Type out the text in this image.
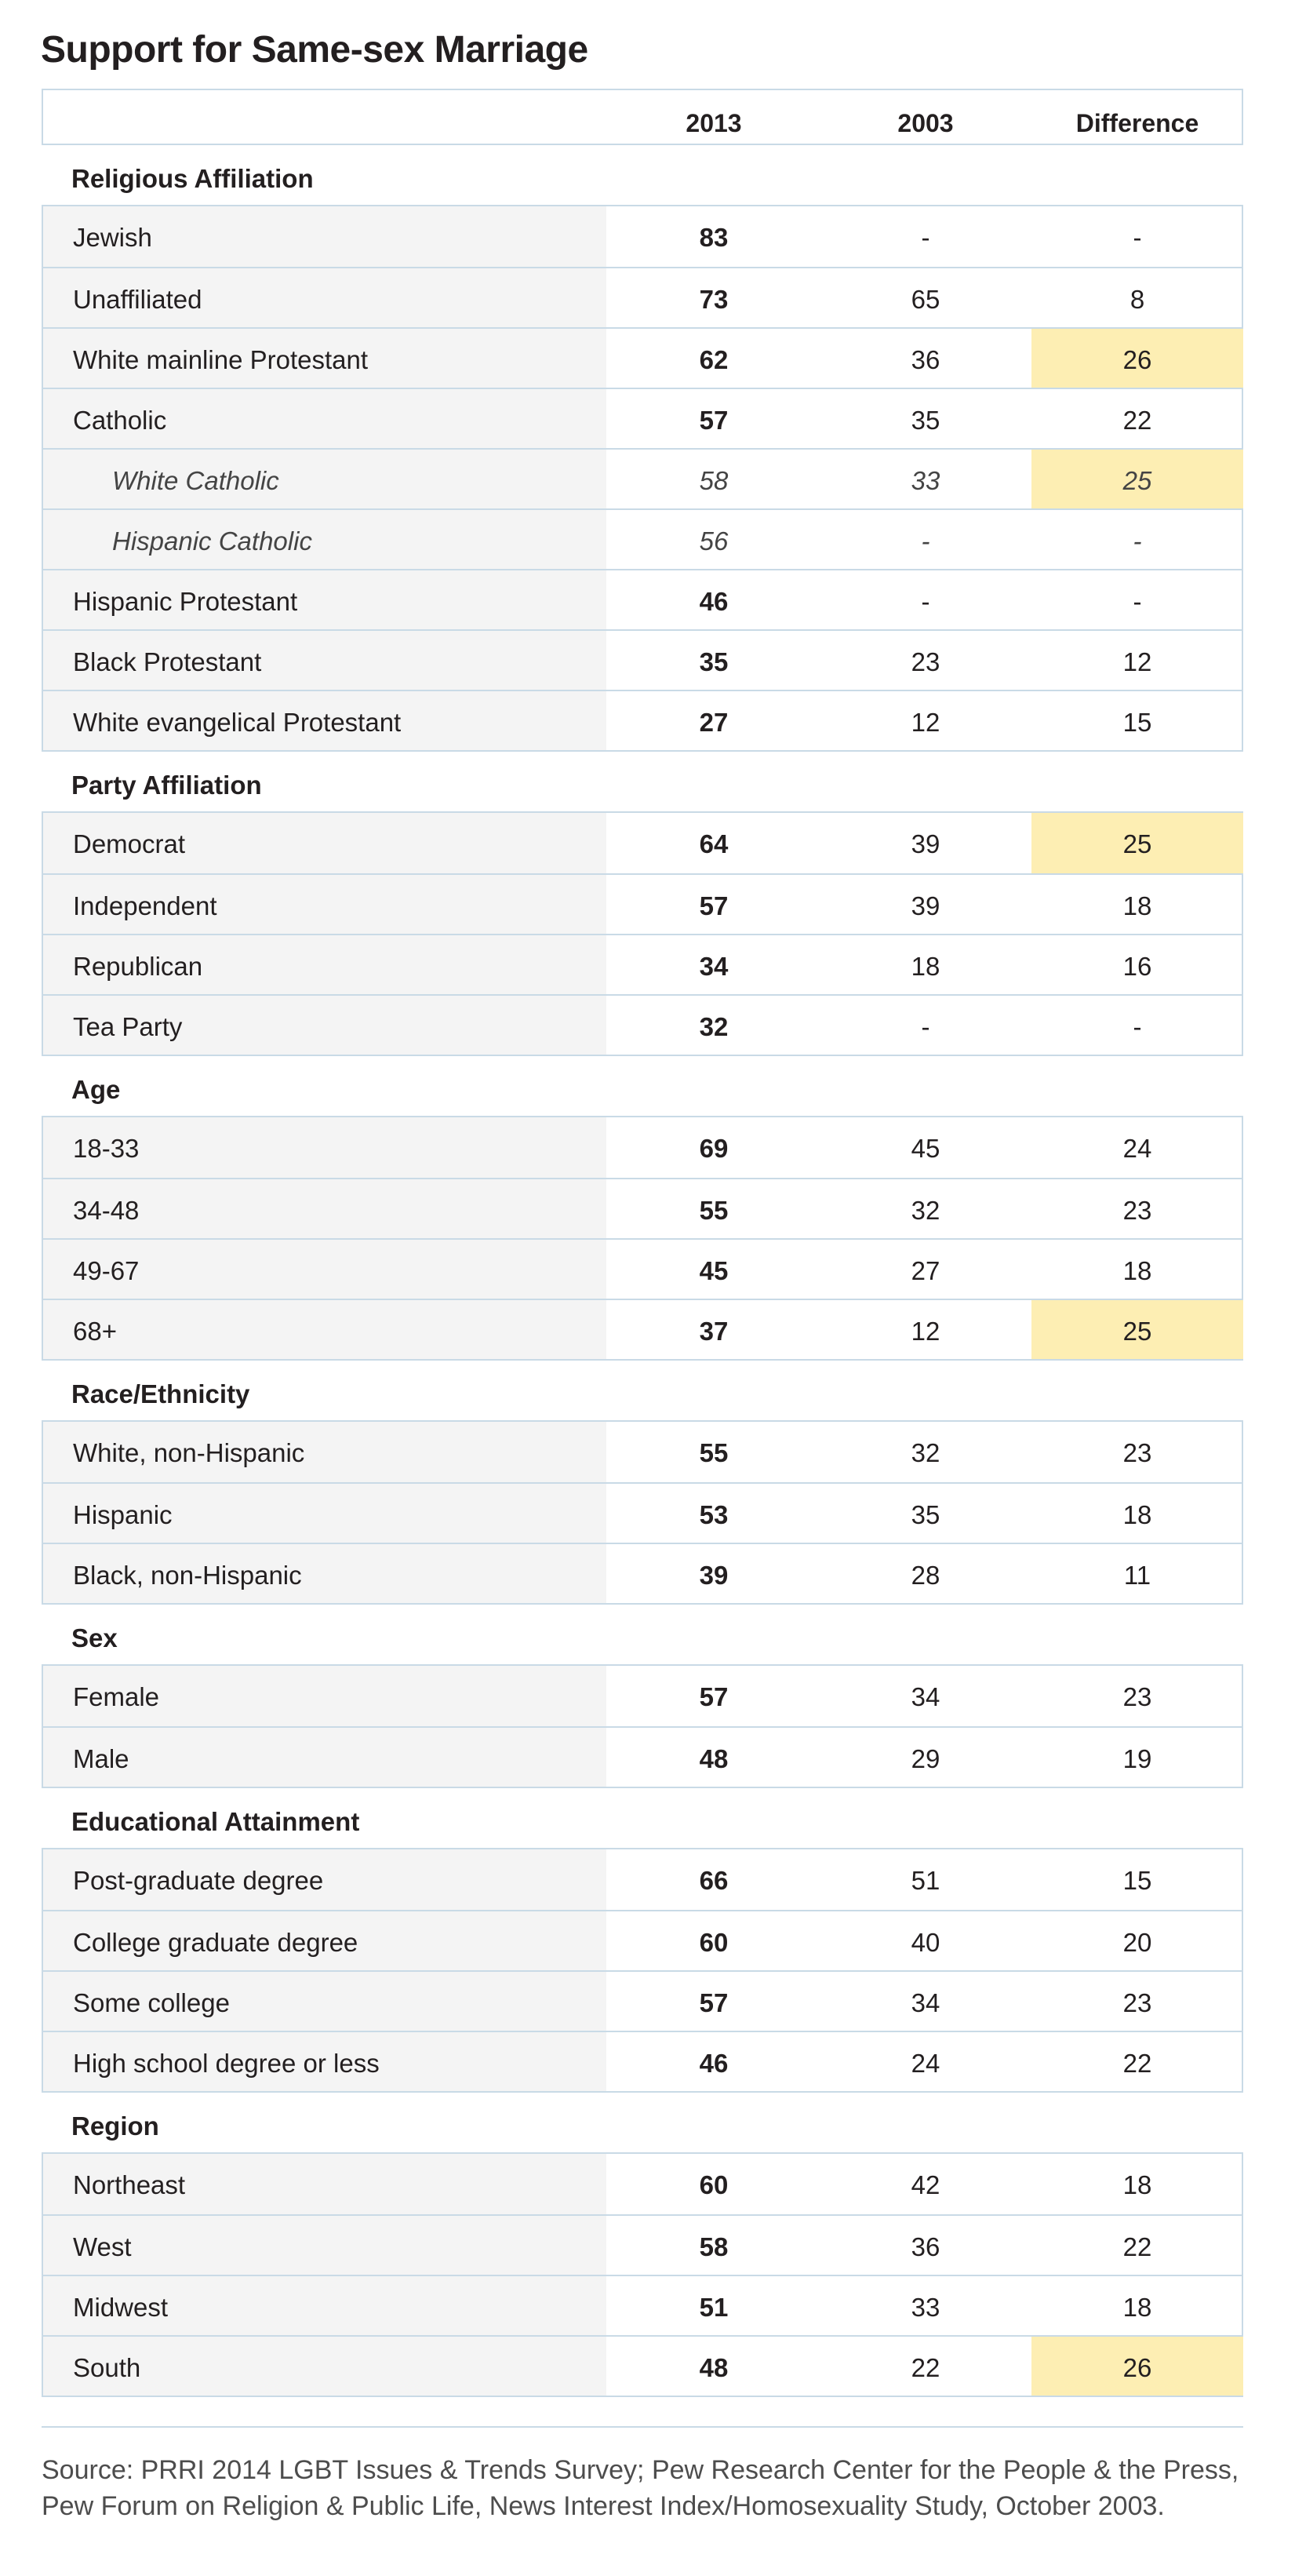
Support for Same-sex Marriage
2013	2003	Difference
Religious Affiliation
Jewish	83	-	-
Unaffiliated	73	65	8
White mainline Protestant	62	36	26
Catholic	57	35	22
White Catholic	58	33	25
Hispanic Catholic	56	-	-
Hispanic Protestant	46	-	-
Black Protestant	35	23	12
White evangelical Protestant	27	12	15
Party Affiliation
Democrat	64	39	25
Independent	57	39	18
Republican	34	18	16
Tea Party	32	-	-
Age
18-33	69	45	24
34-48	55	32	23
49-67	45	27	18
68+	37	12	25
Race/Ethnicity
White, non-Hispanic	55	32	23
Hispanic	53	35	18
Black, non-Hispanic	39	28	11
Sex
Female	57	34	23
Male	48	29	19
Educational Attainment
Post-graduate degree	66	51	15
College graduate degree	60	40	20
Some college	57	34	23
High school degree or less	46	24	22
Region
Northeast	60	42	18
West	58	36	22
Midwest	51	33	18
South	48	22	26
Source: PRRI 2014 LGBT Issues & Trends Survey; Pew Research Center for the People & the Press, Pew Forum on Religion & Public Life, News Interest Index/Homosexuality Study, October 2003.
